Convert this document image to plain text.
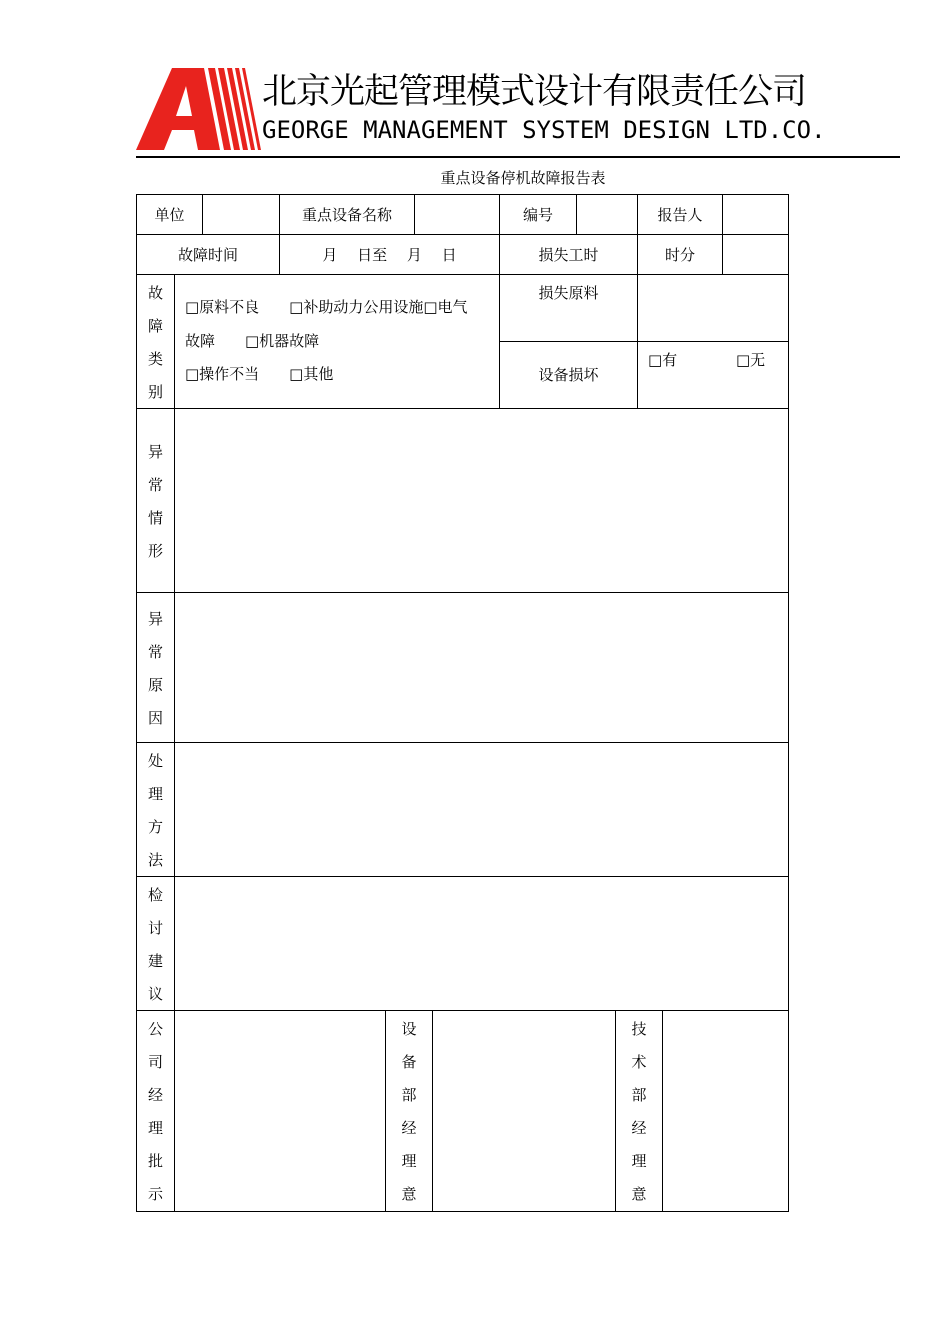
北京光起管理模式设计有限责任公司
GEORGE MANAGEMENT SYSTEM DESIGN LTD.CO.
重点设备停机故障报告表
单位	重点设备名称	编号	报告人
故障时间	月　 日至　 月　 日	损失工时	时分
故
障
类
别
□原料不良　　□补助动力公用设施□电气
故障　　□机器故障
□操作不当　　□其他
损失原料
设备损坏
□有	□无
异
常
情
形
异
常
原
因
处
理
方
法
检
讨
建
议
公
司
经
理
批
示
设
备
部
经
理
意
技
术
部
经
理
意
